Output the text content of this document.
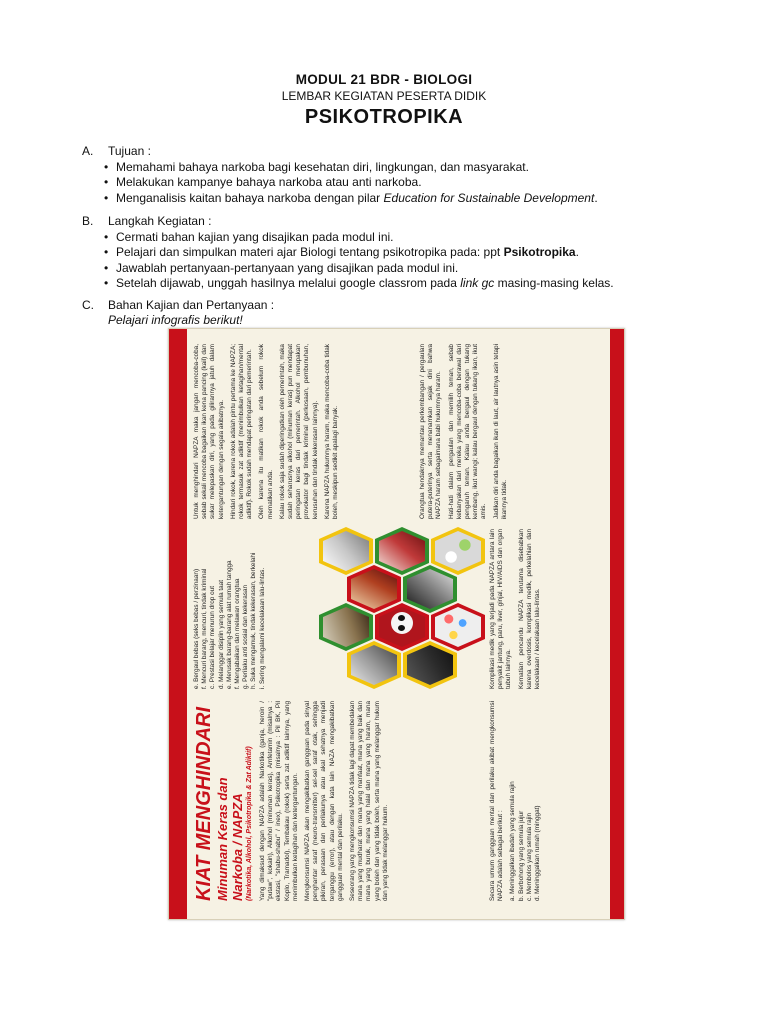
MODUL 21 BDR - BIOLOGI
LEMBAR KEGIATAN PESERTA DIDIK
PSIKOTROPIKA
A. Tujuan :
• Memahami bahaya narkoba bagi kesehatan diri, lingkungan, dan masyarakat.
• Melakukan kampanye bahaya narkoba atau anti narkoba.
• Menganalisis kaitan bahaya narkoba dengan pilar Education for Sustainable Development.
B. Langkah Kegiatan :
• Cermati bahan kajian yang disajikan pada modul ini.
• Pelajari dan simpulkan materi ajar Biologi tentang psikotropika pada: ppt Psikotropika.
• Jawablah pertanyaan-pertanyaan yang disajikan pada modul ini.
• Setelah dijawab, unggah hasilnya melalui google classrom pada link gc masing-masing kelas.
C. Bahan Kajian dan Pertanyaan :
Pelajari infografis berikut!
KIAT MENGHINDARI Minuman Keras dan Narkoba / NAPZA (Narkotika, Alkohol, Psikotropika & Zat Adiktif) Yang dimaksud dengan NAPZA adalah Narkotika (ganja, heroin / "putaw", kokain), Alkohol (minuman keras), Amfetamin (misalnya : ekstasi, "shabu-shabu" / inex), Psikotropika (misalnya : Pil BK, Pil Koplo, Tramadol), Tembakau (rokok) serta zat adiktif lainnya, yang menimbulkan ketagihan dan ketergantungan. Mengkonsumsi NAPZA akan mengakibatkan gangguan pada sinyal penghantar saraf (neuro-transmitter) sel-sel saraf otak, sehingga pikiran, perasaan dan perilakunya atau akal sehatnya menjadi terganggu (error), atau dengan kata lain NAZA mengakibatkan gangguan mental dan perilaku. Seseorang yang mengkonsumsi NAPZA tidak lagi dapat membedakan mana yang mudharat dan mana yang manfaat, mana yang baik dan mana yang buruk, mana yang halal dan mana yang haram, mana yang boleh dan yang tidak boleh, serta mana yang melanggar hukum dan yang tidak melanggar hukum.	Secara umum gangguan mental dan perilaku akibat mengkonsumsi NAPZA adalah sebagai berikut : a. Meninggalkan ibadah yang semula rajin b. Berbohong yang semula jujur c. Membolos yang semula rajin d. Meninggalkan rumah (minggat)
e. Bergaul bebas (seks bebas / perzinaan) f. Mencuri barang, mencuri, tindak kriminal c. Prestasi belajar menurun drop out d. Melanggar disiplin yang semula taat e. Merusak barang-barang alat rumah tangga f. Mengabaikan dan melawan orangtua g. Perilaku anti sosial dan kekerasan h. Suka mengamuk, tindak kekerasan, berkelahi i. Sering mengalami kecelakaan lalu-lintas.	Komplikasi medik yang terjadi pada NAPZA antara lain penyakit jantung, paru, liver, ginjal, HIV/AIDS dan organ tubuh lainnya. Kematian pencandu NAPZA terutama disebabkan karena overdosis, komplikasi medik, perkelahian dan kecelakaan / kecelakaan lalu-lintas.

Untuk menghindari NAPZA maka jangan mencoba-coba, sebab sekali mencoba bagaikan ikan kena pancing (kail) dan sukar melepaskan diri, yang pada gilirannya jatuh dalam ketergantungan dengan segala akibatnya. Hindari rokok, karena rokok adalah pintu pertama ke NAPZA; rokok termasuk zat adiktif (menimbulkan ketagihan/mental adiktif). Rokok sudah mendapat peringatan dari pemerintah. Oleh karena itu matikan rokok anda sebelum rokok mematikan anda. Kalau rokok saja sudah diperingatkan oleh pemerintah, maka sudah seharusnya alkohol (minuman keras) pun mendapat peringatan keras dari pemerintah. Alkohol merupakan provokator bagi tindak kriminal (perkosaan, pembunuhan, kerusuhan dan tindak kekerasan lainnya). Karena NAPZA hukumnya haram, maka mencoba-coba tidak boleh, meskipun sedikit apalagi banyak.	Orangtua hendaknya memantau perkembangan / pergaulan putera-puterinya serta menanamkan sejak dini bahwa NAPZA haram sebagaimana babi hukumnya haram. Hati-hati dalam pergaulan dan memilih teman, sebab kebanyakan dari mereka yang mencoba-coba berawal dari pengaruh teman. Kalau anda bergaul dengan tukang kembang, ikut wangi; kalau bergaul dengan tukang ikan, ikut amis. Jadikan diri anda bagaikan ikan di laut, air lautnya asin tetapi ikannya tidak.
